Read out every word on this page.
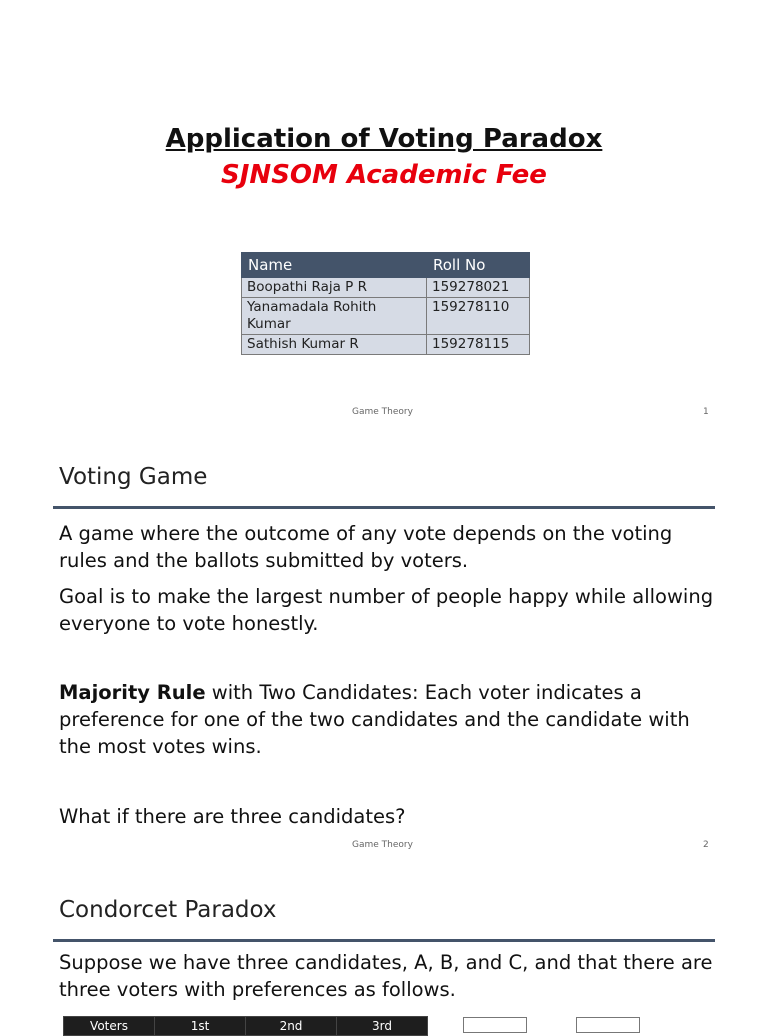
Application of Voting Paradox
SJNSOM Academic Fee
Name	Roll No
Boopathi Raja P R	159278021
Yanamadala Rohith Kumar	159278110
Sathish Kumar R	159278115
Game Theory	1
Voting Game
A game where the outcome of any vote depends on the voting rules and the ballots submitted by voters.
Goal is to make the largest number of people happy while allowing everyone to vote honestly.
Majority Rule with Two Candidates: Each voter indicates a preference for one of the two candidates and the candidate with the most votes wins.
What if there are three candidates?
Game Theory	2
Condorcet Paradox
Suppose we have three candidates, A, B, and C, and that there are three voters with preferences as follows.
Voters	1st	2nd	3rd
